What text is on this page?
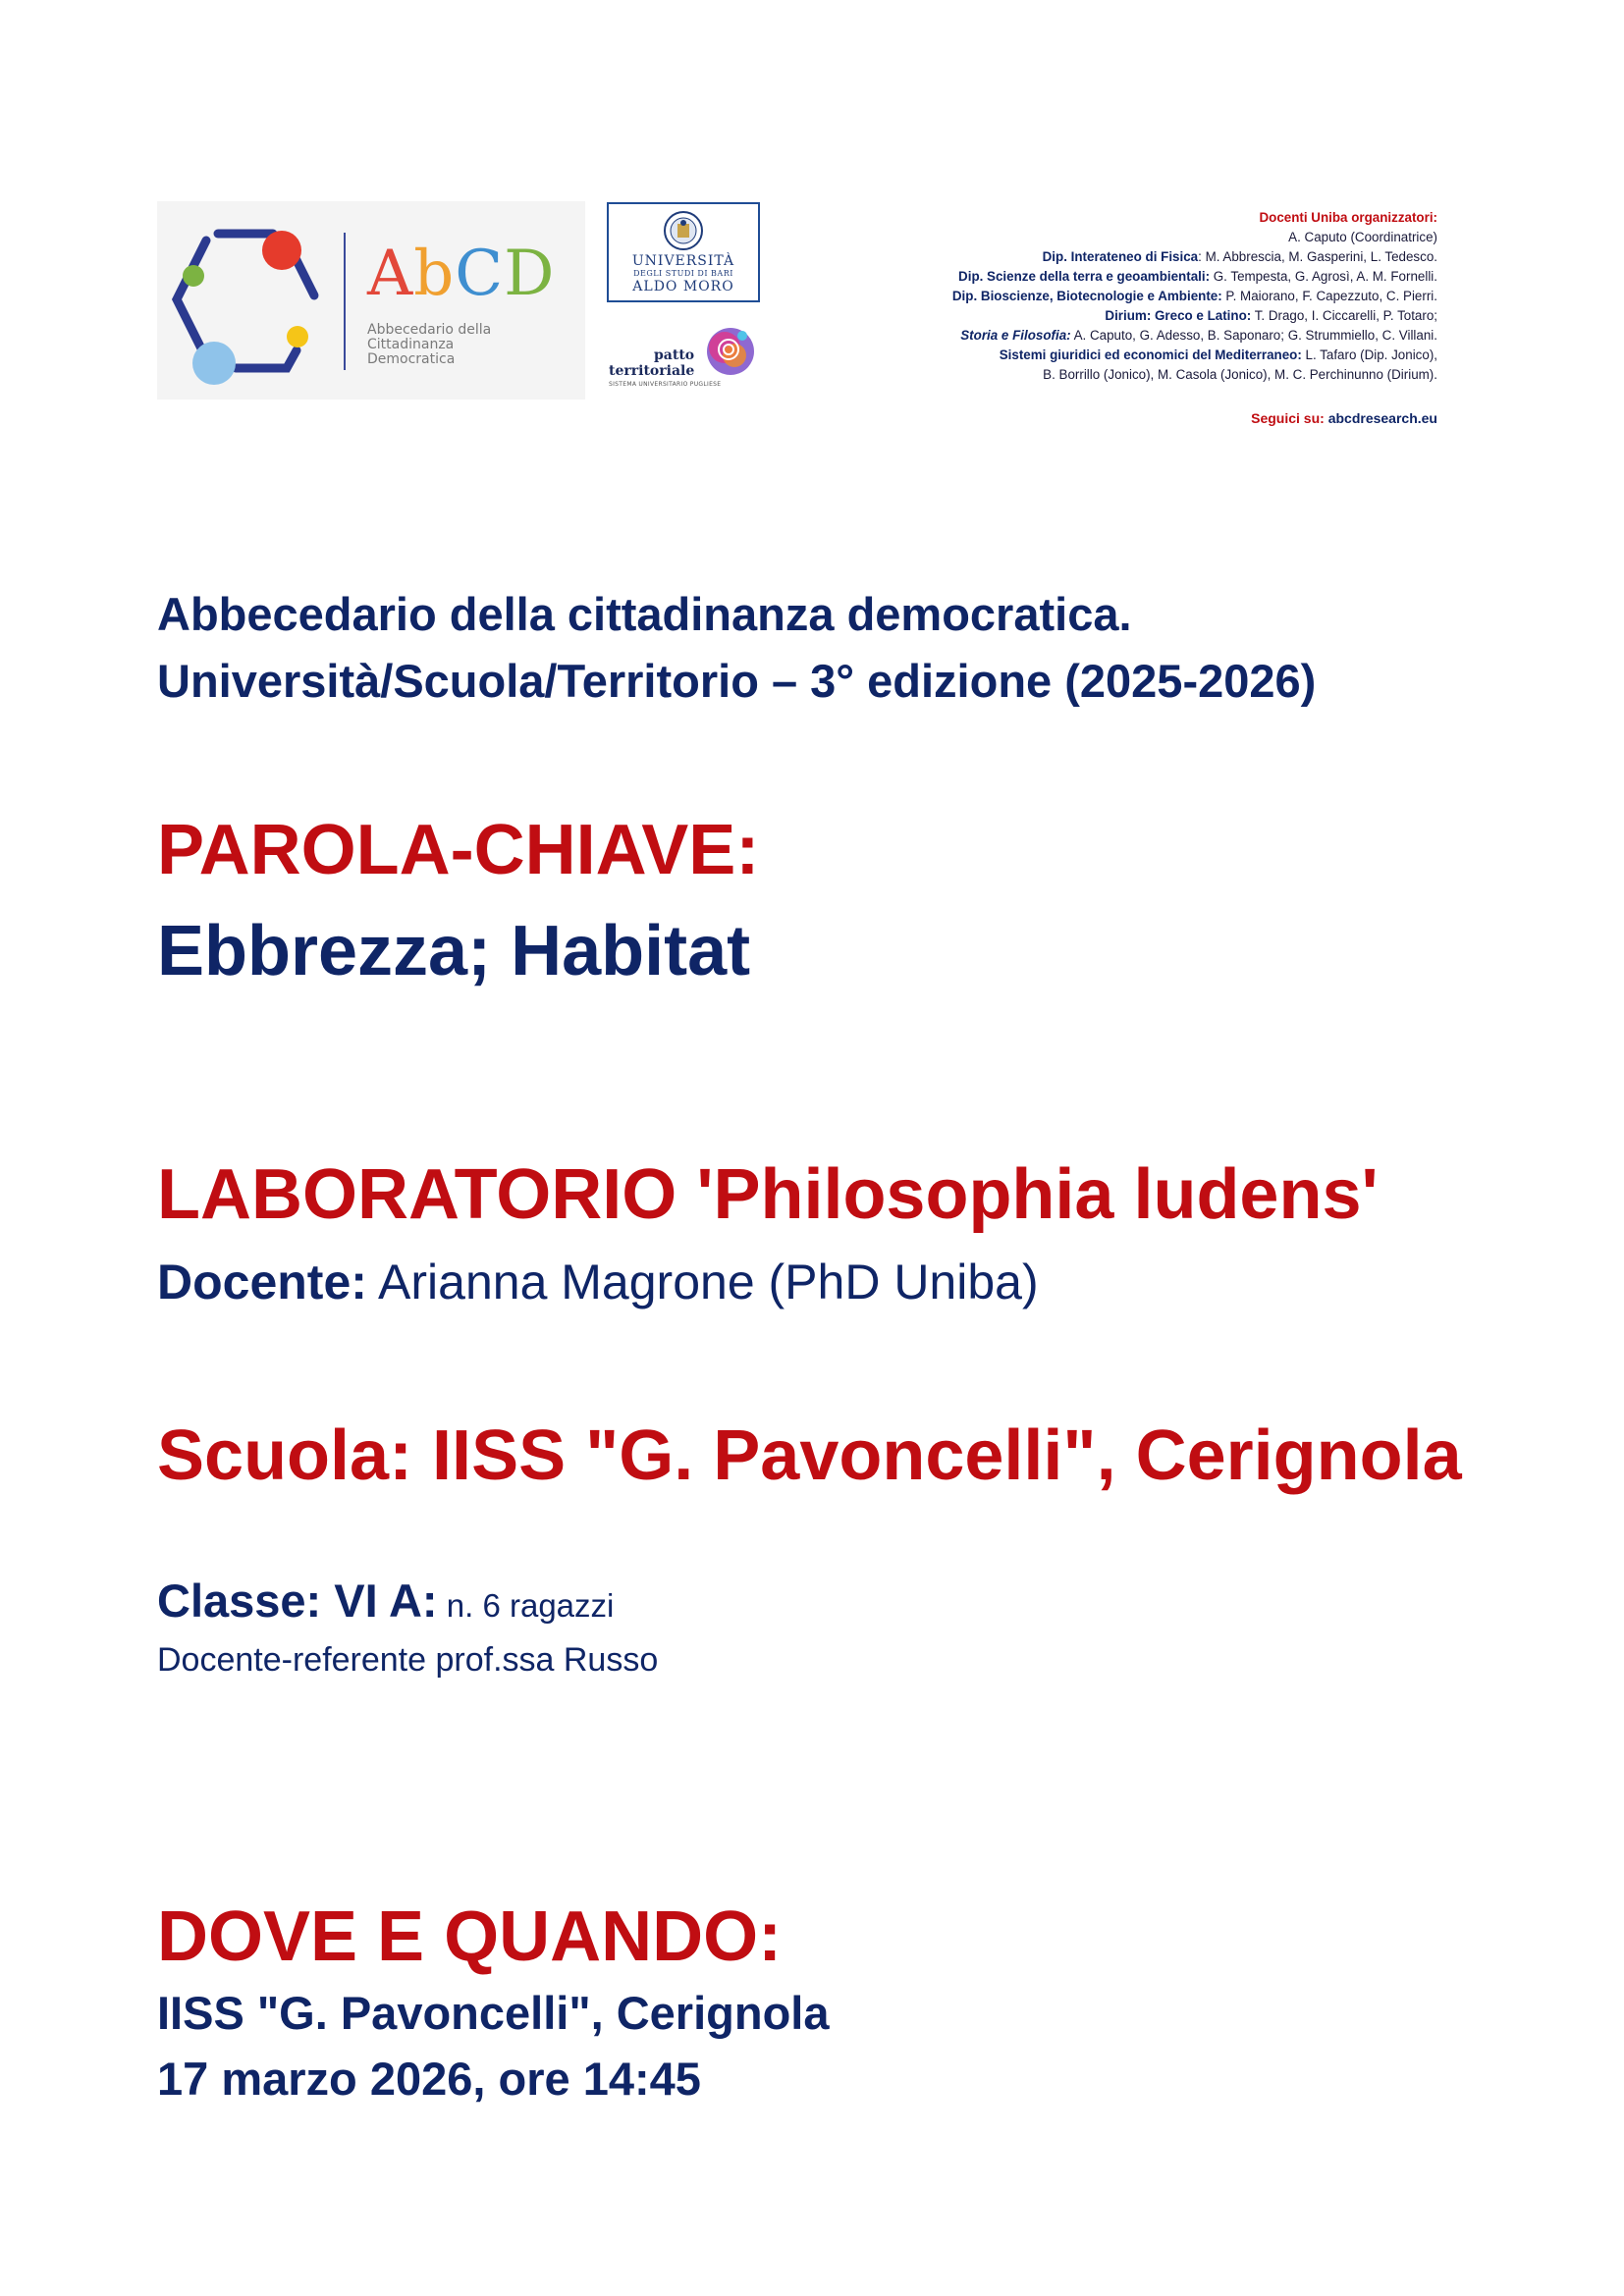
AbCD
Abbecedario della
Cittadinanza
Democratica
UNIVERSITÀ
DEGLI STUDI DI BARI
ALDO MORO
patto
territoriale
SISTEMA UNIVERSITARIO PUGLIESE
Docenti Uniba organizzatori:
A. Caputo (Coordinatrice)
Dip. Interateneo di Fisica: M. Abbrescia, M. Gasperini, L. Tedesco.
Dip. Scienze della terra e geoambientali: G. Tempesta, G. Agrosì, A. M. Fornelli.
Dip. Bioscienze, Biotecnologie e Ambiente: P. Maiorano, F. Capezzuto, C. Pierri.
Dirium: Greco e Latino: T. Drago, I. Ciccarelli, P. Totaro;
Storia e Filosofia: A. Caputo, G. Adesso, B. Saponaro; G. Strummiello, C. Villani.
Sistemi giuridici ed economici del Mediterraneo: L. Tafaro (Dip. Jonico),
B. Borrillo (Jonico), M. Casola (Jonico), M. C. Perchinunno (Dirium).
Seguici su: abcdresearch.eu
Abbecedario della cittadinanza democratica.
Università/Scuola/Territorio – 3° edizione (2025-2026)
PAROLA-CHIAVE:
Ebbrezza; Habitat
LABORATORIO 'Philosophia ludens'
Docente: Arianna Magrone (PhD Uniba)
Scuola: IISS "G. Pavoncelli", Cerignola
Classe: VI A: n. 6 ragazzi
Docente-referente prof.ssa Russo
DOVE E QUANDO:
IISS "G. Pavoncelli", Cerignola
17 marzo 2026, ore 14:45
